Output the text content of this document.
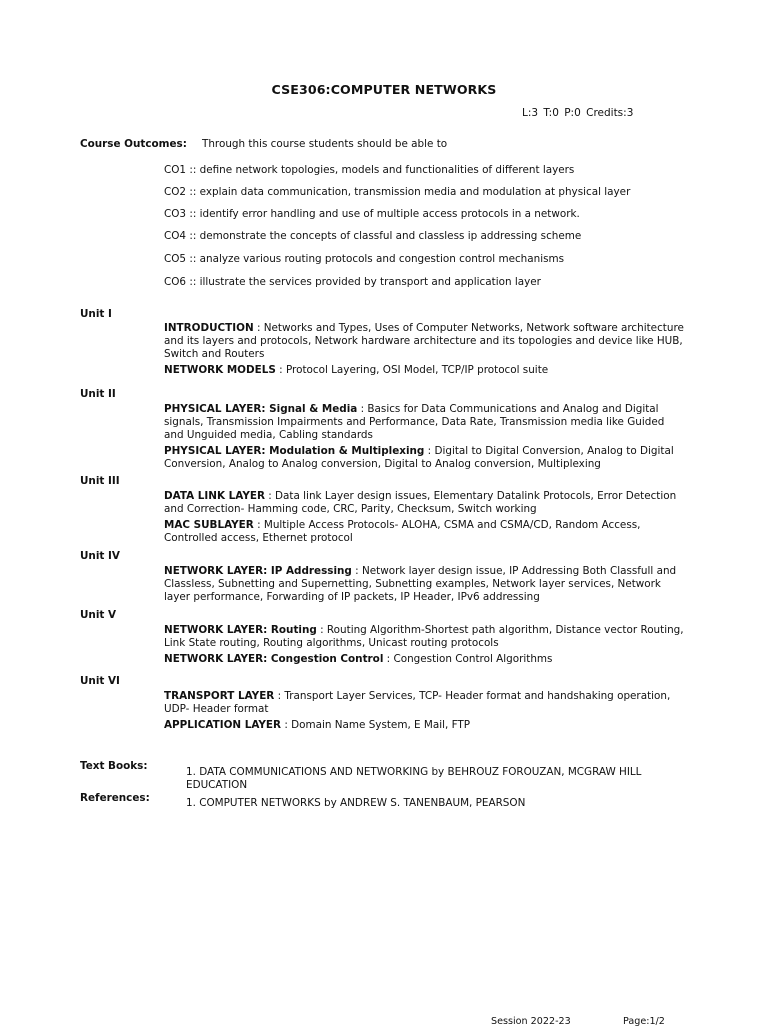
CSE306:COMPUTER NETWORKS
L:3 T:0 P:0 Credits:3
Course Outcomes: Through this course students should be able to
CO1 :: define network topologies, models and functionalities of different layers
CO2 :: explain data communication, transmission media and modulation at physical layer
CO3 :: identify error handling and use of multiple access protocols in a network.
CO4 :: demonstrate the concepts of classful and classless ip addressing scheme
CO5 :: analyze various routing protocols and congestion control mechanisms
CO6 :: illustrate the services provided by transport and application layer
Unit I

INTRODUCTION : Networks and Types, Uses of Computer Networks, Network software architecture and its layers and protocols, Network hardware architecture and its topologies and device like HUB, Switch and Routers

NETWORK MODELS : Protocol Layering, OSI Model, TCP/IP protocol suite

Unit II

PHYSICAL LAYER: Signal & Media : Basics for Data Communications and Analog and Digital signals, Transmission Impairments and Performance, Data Rate, Transmission media like Guided and Unguided media, Cabling standards

PHYSICAL LAYER: Modulation & Multiplexing : Digital to Digital Conversion, Analog to Digital Conversion, Analog to Analog conversion, Digital to Analog conversion, Multiplexing

Unit III

DATA LINK LAYER : Data link Layer design issues, Elementary Datalink Protocols, Error Detection and Correction- Hamming code, CRC, Parity, Checksum, Switch working

MAC SUBLAYER : Multiple Access Protocols- ALOHA, CSMA and CSMA/CD, Random Access, Controlled access, Ethernet protocol

Unit IV

NETWORK LAYER: IP Addressing : Network layer design issue, IP Addressing Both Classfull and Classless, Subnetting and Supernetting, Subnetting examples, Network layer services, Network layer performance, Forwarding of IP packets, IP Header, IPv6 addressing

Unit V

NETWORK LAYER: Routing : Routing Algorithm-Shortest path algorithm, Distance vector Routing, Link State routing, Routing algorithms, Unicast routing protocols

NETWORK LAYER: Congestion Control : Congestion Control Algorithms

Unit VI

TRANSPORT LAYER : Transport Layer Services, TCP- Header format and handshaking operation, UDP- Header format

APPLICATION LAYER : Domain Name System, E Mail, FTP

Text Books:	1. DATA COMMUNICATIONS AND NETWORKING by BEHROUZ FOROUZAN, MCGRAW HILL EDUCATION
References:	1. COMPUTER NETWORKS by ANDREW S. TANENBAUM, PEARSON
Session 2022-23	Page:1/2
